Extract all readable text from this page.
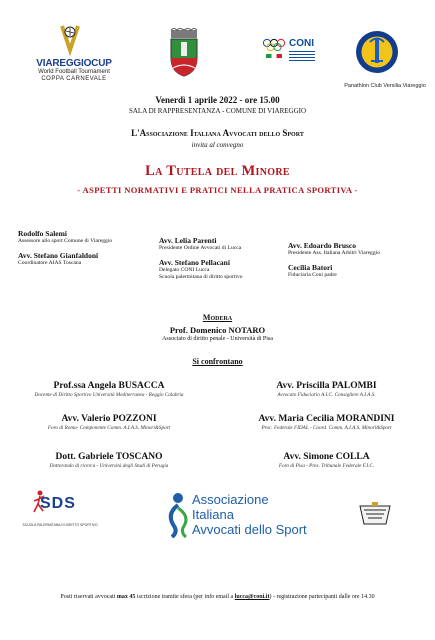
VIAREGGIOCUP
World Football Tournament
COPPA CARNEVALE
CONI
Panathlon Club Versilia Viareggio
Venerdì 1 aprile 2022 - ore 15.00
SALA DI RAPPRESENTANZA - COMUNE DI VIAREGGIO
L'Associazione Italiana Avvocati dello Sport
invita al convegno
La Tutela del Minore
- ASPETTI NORMATIVI E PRATICI NELLA PRATICA SPORTIVA -
Rodolfo Salemi
Assessore allo sport Comune di Viareggio
Avv. Stefano Gianfaldoni
Coordinatore AIAS Toscana
Avv. Lelia Parenti
Presidente Ordine Avvocati di Lucca
Avv. Stefano Pellacani
Delegato CONI Lucca
Scuola palermitana di diritto sportivo
Avv. Edoardo Brusco
Presidente Ass. Italiana Arbitri Viareggio
Cecilia Batori
Fiduciaria Coni padre
Modera
Prof. Domenico NOTARO
Associato di diritto penale - Università di Pisa
Si confrontano
Prof.ssa Angela BUSACCA
Docente di Diritto Sportivo Università Mediterranea - Reggio Calabria
Avv. Priscilla PALOMBI
Avvocato Fiduciario A.I.C. Consigliere A.I.A.S.
Avv. Valerio POZZONI
Foro di Roma- Componente Comm. A.I.A.S. Minori&Sport
Avv. Maria Cecilia MORANDINI
Proc. Federale FIDAL - Coord. Comm. A.I.A.S. Minori&Sport
Dott. Gabriele TOSCANO
Dottorando di ricerca - Università degli Studi di Perugia
Avv. Simone COLLA
Foro di Pisa - Pres. Tribunale Federale F.I.C.
SDS
SCUOLA PALERMITANA DI DIRITTO SPORTIVO
Associazione
Italiana
Avvocati dello Sport
Posti riservati avvocati max 45 iscrizione tramite sfera (per info email a lucca@coni.it) - registrazione partecipanti dalle ore 14.30
